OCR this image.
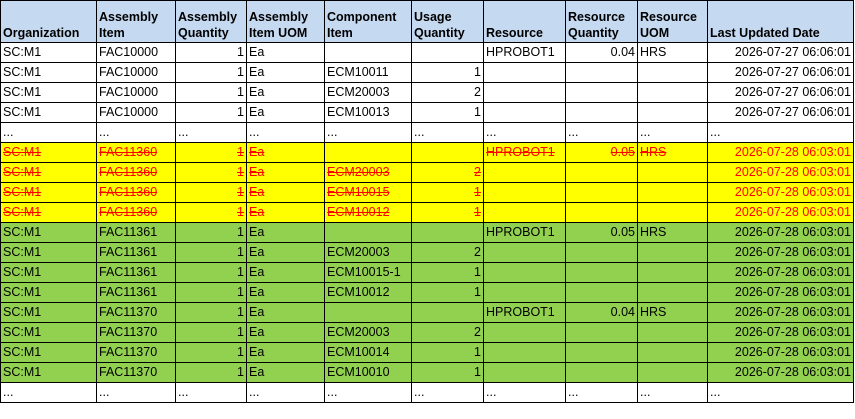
Organization	Assembly Item	Assembly Quantity	Assembly Item UOM	Component Item	Usage Quantity	Resource	Resource Quantity	Resource UOM	Last Updated Date
SC:M1	FAC10000	1	Ea			HPROBOT1	0.04	HRS	2026-07-27 06:06:01
SC:M1	FAC10000	1	Ea	ECM10011	1				2026-07-27 06:06:01
SC:M1	FAC10000	1	Ea	ECM20003	2				2026-07-27 06:06:01
SC:M1	FAC10000	1	Ea	ECM10013	1				2026-07-27 06:06:01
...	...	...	...	...	...	...	...	...	...
SC:M1	FAC11360	1	Ea			HPROBOT1	0.05	HRS	2026-07-28 06:03:01
SC:M1	FAC11360	1	Ea	ECM20003	2				2026-07-28 06:03:01
SC:M1	FAC11360	1	Ea	ECM10015	1				2026-07-28 06:03:01
SC:M1	FAC11360	1	Ea	ECM10012	1				2026-07-28 06:03:01
SC:M1	FAC11361	1	Ea			HPROBOT1	0.05	HRS	2026-07-28 06:03:01
SC:M1	FAC11361	1	Ea	ECM20003	2				2026-07-28 06:03:01
SC:M1	FAC11361	1	Ea	ECM10015-1	1				2026-07-28 06:03:01
SC:M1	FAC11361	1	Ea	ECM10012	1				2026-07-28 06:03:01
SC:M1	FAC11370	1	Ea			HPROBOT1	0.04	HRS	2026-07-28 06:03:01
SC:M1	FAC11370	1	Ea	ECM20003	2				2026-07-28 06:03:01
SC:M1	FAC11370	1	Ea	ECM10014	1				2026-07-28 06:03:01
SC:M1	FAC11370	1	Ea	ECM10010	1				2026-07-28 06:03:01
...	...	...	...	...	...	...	...	...	...
